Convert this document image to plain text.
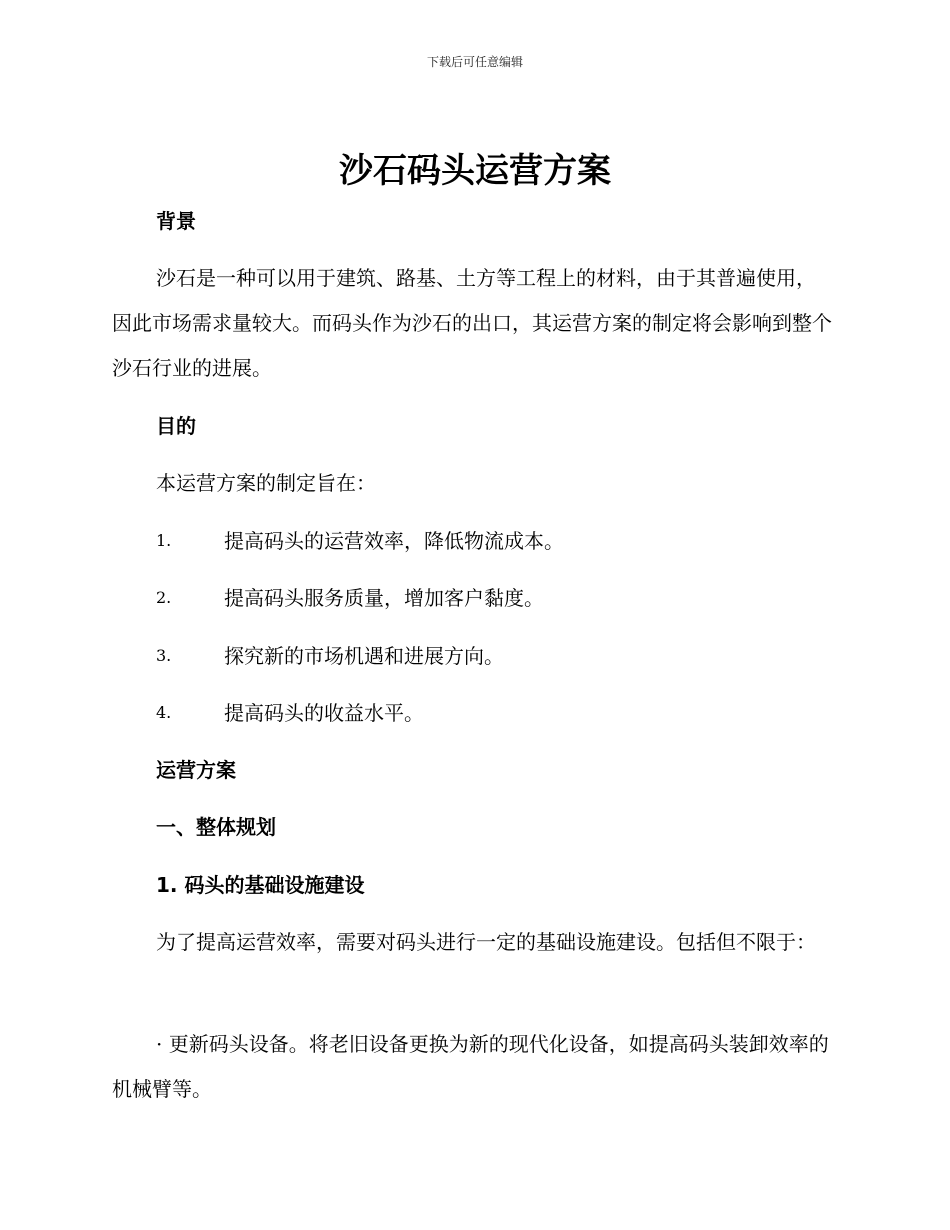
下载后可任意编辑
沙石码头运营方案
背景

沙石是一种可以用于建筑、路基、土方等工程上的材料，由于其普遍使用，因此市场需求量较大。而码头作为沙石的出口，其运营方案的制定将会影响到整个沙石行业的进展。

目的
本运营方案的制定旨在：
1.	提高码头的运营效率，降低物流成本。
2.	提高码头服务质量，增加客户黏度。
3.	探究新的市场机遇和进展方向。
4.	提高码头的收益水平。
运营方案
一、整体规划
1. 码头的基础设施建设

为了提高运营效率，需要对码头进行一定的基础设施建设。包括但不限于：

· 更新码头设备。将老旧设备更换为新的现代化设备，如提高码头装卸效率的机械臂等。
